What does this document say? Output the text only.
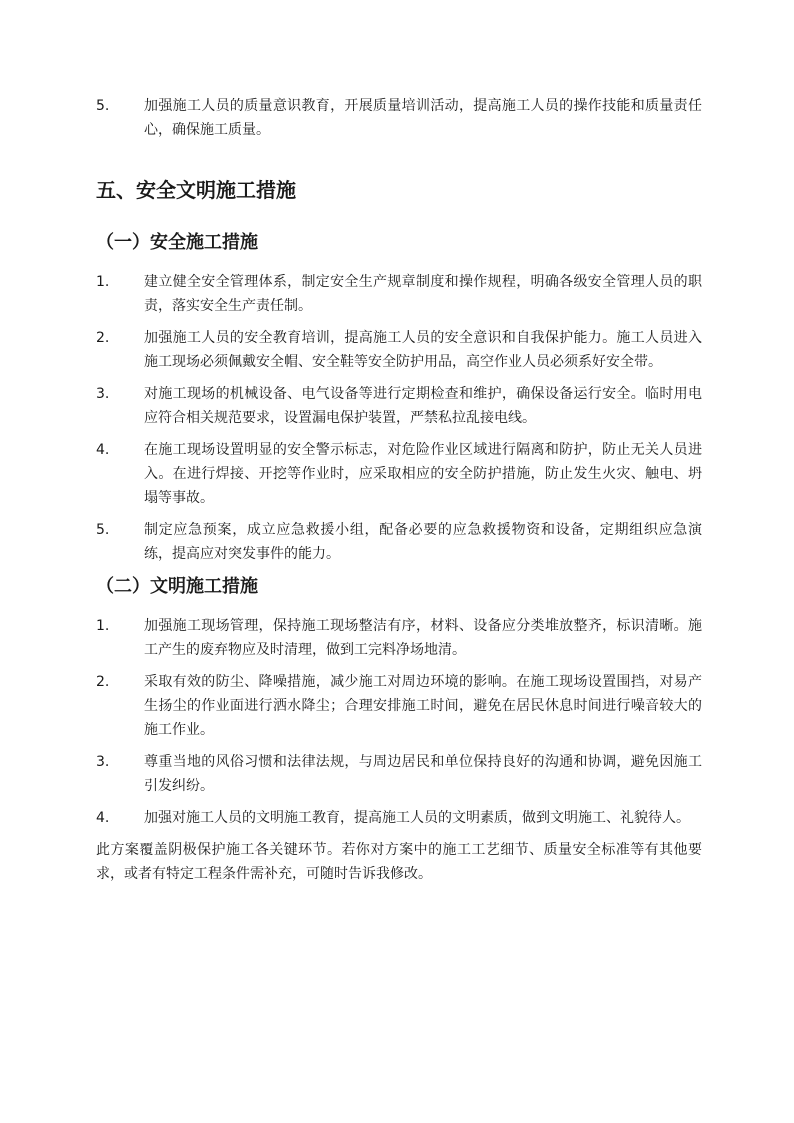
5.	加强施工人员的质量意识教育，开展质量培训活动，提高施工人员的操作技能和质量责任心，确保施工质量。
五、安全文明施工措施
（一）安全施工措施
1.	建立健全安全管理体系，制定安全生产规章制度和操作规程，明确各级安全管理人员的职责，落实安全生产责任制。
2.	加强施工人员的安全教育培训，提高施工人员的安全意识和自我保护能力。施工人员进入施工现场必须佩戴安全帽、安全鞋等安全防护用品，高空作业人员必须系好安全带。
3.	对施工现场的机械设备、电气设备等进行定期检查和维护，确保设备运行安全。临时用电应符合相关规范要求，设置漏电保护装置，严禁私拉乱接电线。
4.	在施工现场设置明显的安全警示标志，对危险作业区域进行隔离和防护，防止无关人员进入。在进行焊接、开挖等作业时，应采取相应的安全防护措施，防止发生火灾、触电、坍塌等事故。
5.	制定应急预案，成立应急救援小组，配备必要的应急救援物资和设备，定期组织应急演练，提高应对突发事件的能力。
（二）文明施工措施
1.	加强施工现场管理，保持施工现场整洁有序，材料、设备应分类堆放整齐，标识清晰。施工产生的废弃物应及时清理，做到工完料净场地清。
2.	采取有效的防尘、降噪措施，减少施工对周边环境的影响。在施工现场设置围挡，对易产生扬尘的作业面进行洒水降尘；合理安排施工时间，避免在居民休息时间进行噪音较大的施工作业。
3.	尊重当地的风俗习惯和法律法规，与周边居民和单位保持良好的沟通和协调，避免因施工引发纠纷。
4.	加强对施工人员的文明施工教育，提高施工人员的文明素质，做到文明施工、礼貌待人。

此方案覆盖阴极保护施工各关键环节。若你对方案中的施工工艺细节、质量安全标准等有其他要求，或者有特定工程条件需补充，可随时告诉我修改。
